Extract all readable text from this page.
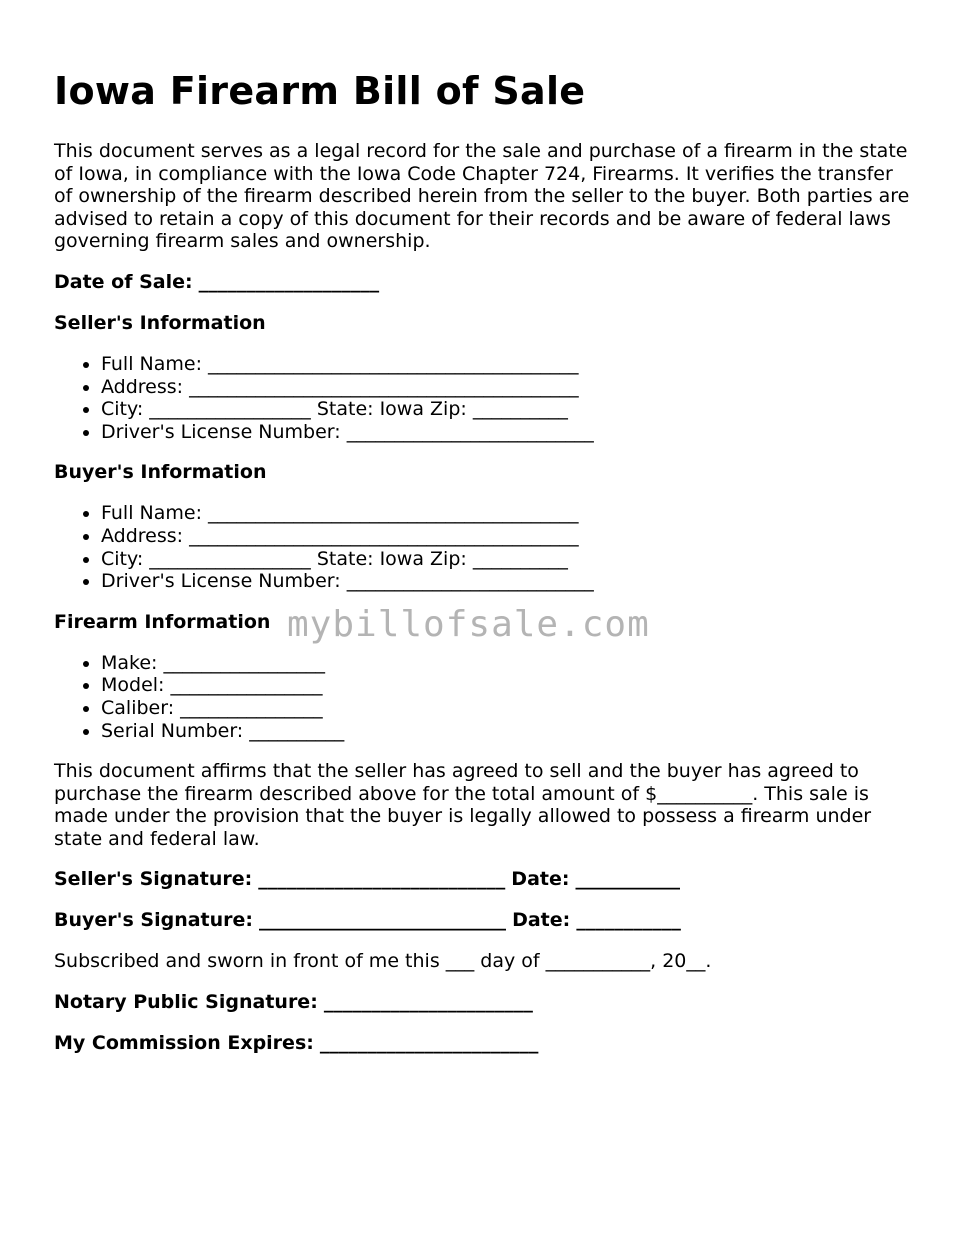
Iowa Firearm Bill of Sale

This document serves as a legal record for the sale and purchase of a firearm in the state of Iowa, in compliance with the Iowa Code Chapter 724, Firearms. It verifies the transfer of ownership of the firearm described herein from the seller to the buyer. Both parties are advised to retain a copy of this document for their records and be aware of federal laws governing firearm sales and ownership.

Date of Sale: ___________________
Seller's Information
• Full Name: _______________________________________
• Address: _________________________________________
• City: _________________ State: Iowa Zip: __________
• Driver's License Number: __________________________
Buyer's Information
• Full Name: _______________________________________
• Address: _________________________________________
• City: _________________ State: Iowa Zip: __________
• Driver's License Number: __________________________
Firearm Information
• Make: _________________
• Model: ________________
• Caliber: _______________
• Serial Number: __________

This document affirms that the seller has agreed to sell and the buyer has agreed to purchase the firearm described above for the total amount of $__________. This sale is made under the provision that the buyer is legally allowed to possess a firearm under state and federal law.

Seller's Signature: __________________________ Date: ___________
Buyer's Signature: __________________________ Date: ___________
Subscribed and sworn in front of me this ___ day of ___________, 20__.
Notary Public Signature: ______________________
My Commission Expires: _______________________
mybillofsale.com
